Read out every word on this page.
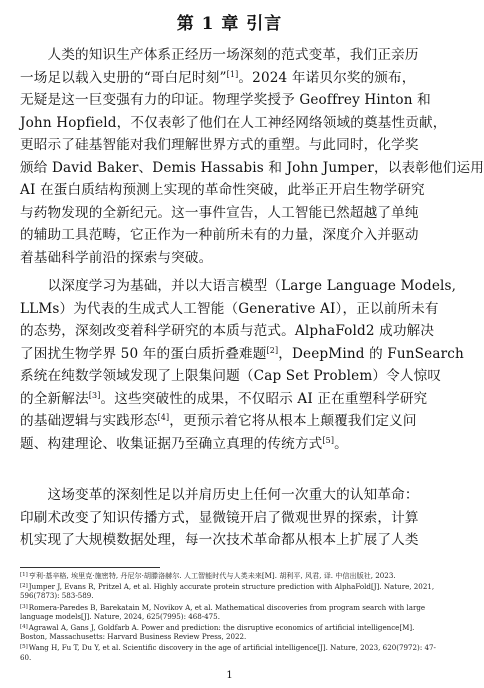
第 1 章 引言
　　人类的知识生产体系正经历一场深刻的范式变革，我们正亲历
一场足以载入史册的“哥白尼时刻”[1]。2024 年诺贝尔奖的颁布，
无疑是这一巨变强有力的印证。物理学奖授予 Geoffrey Hinton 和
John Hopfield，不仅表彰了他们在人工神经网络领域的奠基性贡献，
更昭示了硅基智能对我们理解世界方式的重塑。与此同时，化学奖
颁给 David Baker、Demis Hassabis 和 John Jumper，以表彰他们运用
AI 在蛋白质结构预测上实现的革命性突破，此举正开启生物学研究
与药物发现的全新纪元。这一事件宣告，人工智能已然超越了单纯
的辅助工具范畴，它正作为一种前所未有的力量，深度介入并驱动
着基础科学前沿的探索与突破。
　　以深度学习为基础，并以大语言模型（Large Language Models,
LLMs）为代表的生成式人工智能（Generative AI），正以前所未有
的态势，深刻改变着科学研究的本质与范式。AlphaFold2 成功解决
了困扰生物学界 50 年的蛋白质折叠难题[2]，DeepMind 的 FunSearch
系统在纯数学领域发现了上限集问题（Cap Set Problem）令人惊叹
的全新解法[3]。这些突破性的成果，不仅昭示 AI 正在重塑科学研究
的基础逻辑与实践形态[4]，更预示着它将从根本上颠覆我们定义问
题、构建理论、收集证据乃至确立真理的传统方式[5]。
　　这场变革的深刻性足以并肩历史上任何一次重大的认知革命：
印刷术改变了知识传播方式，显微镜开启了微观世界的探索，计算
机实现了大规模数据处理，每一次技术革命都从根本上扩展了人类

[1]亨利·基辛格, 埃里克·施密特, 丹尼尔·胡滕洛赫尔. 人工智能时代与人类未来[M]. 胡利平, 风君, 译. 中信出版社, 2023.

[2]Jumper J, Evans R, Pritzel A, et al. Highly accurate protein structure prediction with AlphaFold[J]. Nature, 2021, 596(7873): 583-589.

[3]Romera-Paredes B, Barekatain M, Novikov A, et al. Mathematical discoveries from program search with large language models[J]. Nature, 2024, 625(7995): 468-475.

[4]Agrawal A, Gans J, Goldfarb A. Power and prediction: the disruptive economics of artificial intelligence[M]. Boston, Massachusetts: Harvard Business Review Press, 2022.

[5]Wang H, Fu T, Du Y, et al. Scientific discovery in the age of artificial intelligence[J]. Nature, 2023, 620(7972): 47-60.

1
